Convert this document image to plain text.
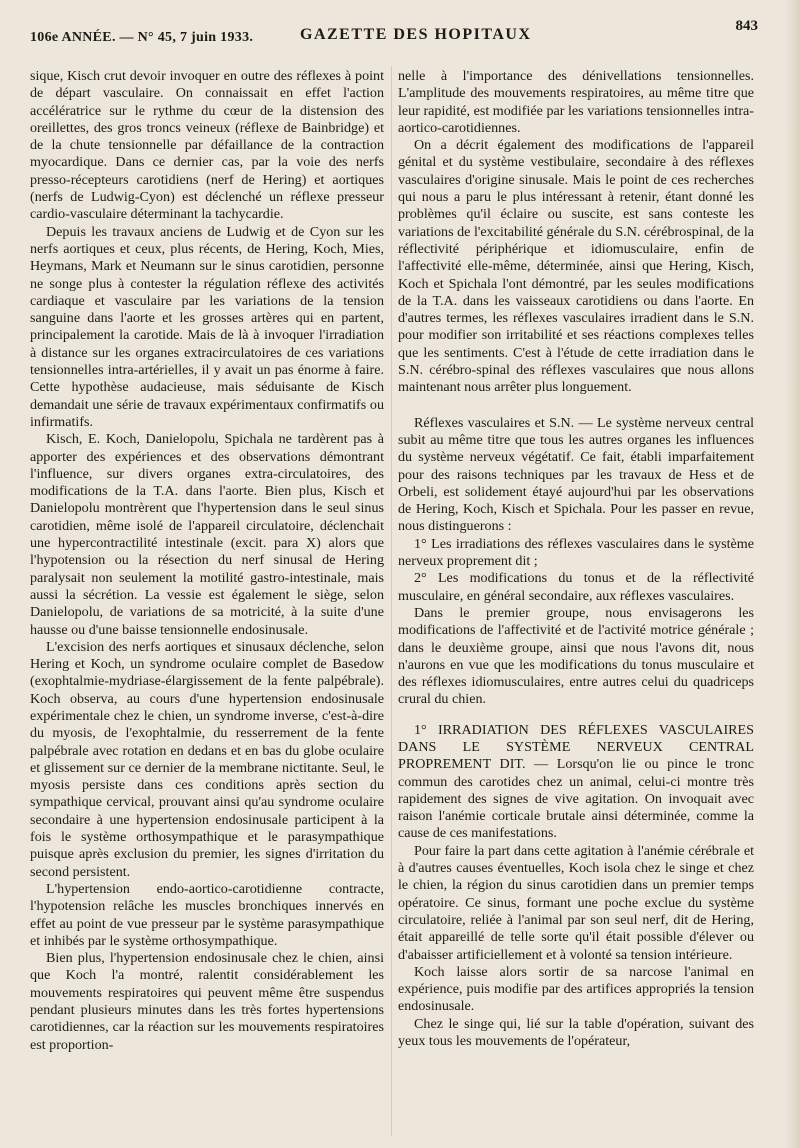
106e ANNÉE. — N° 45, 7 juin 1933.	GAZETTE DES HOPITAUX	843

sique, Kisch crut devoir invoquer en outre des réflexes à point de départ vasculaire. On connaissait en effet l'action accélératrice sur le rythme du cœur de la distension des oreillettes, des gros troncs veineux (réflexe de Bainbridge) et de la chute tensionnelle par défaillance de la contraction myocardique. Dans ce dernier cas, par la voie des nerfs presso-récepteurs carotidiens (nerf de Hering) et aortiques (nerfs de Ludwig-Cyon) est déclenché un réflexe presseur cardio-vasculaire déterminant la tachycardie.

Depuis les travaux anciens de Ludwig et de Cyon sur les nerfs aortiques et ceux, plus récents, de Hering, Koch, Mies, Heymans, Mark et Neumann sur le sinus carotidien, personne ne songe plus à contester la régulation réflexe des activités cardiaque et vasculaire par les variations de la tension sanguine dans l'aorte et les grosses artères qui en partent, principalement la carotide. Mais de là à invoquer l'irradiation à distance sur les organes extracirculatoires de ces variations tensionnelles intra-artérielles, il y avait un pas énorme à faire. Cette hypothèse audacieuse, mais séduisante de Kisch demandait une série de travaux expérimentaux confirmatifs ou infirmatifs.

Kisch, E. Koch, Danielopolu, Spichala ne tardèrent pas à apporter des expériences et des observations démontrant l'influence, sur divers organes extra-circulatoires, des modifications de la T.A. dans l'aorte. Bien plus, Kisch et Danielopolu montrèrent que l'hypertension dans le seul sinus carotidien, même isolé de l'appareil circulatoire, déclenchait une hypercontractilité intestinale (excit. para X) alors que l'hypotension ou la résection du nerf sinusal de Hering paralysait non seulement la motilité gastro-intestinale, mais aussi la sécrétion. La vessie est également le siège, selon Danielopolu, de variations de sa motricité, à la suite d'une hausse ou d'une baisse tensionnelle endosinusale.

L'excision des nerfs aortiques et sinusaux déclenche, selon Hering et Koch, un syndrome oculaire complet de Basedow (exophtalmie-mydriase-élargissement de la fente palpébrale). Koch observa, au cours d'une hypertension endosinusale expérimentale chez le chien, un syndrome inverse, c'est-à-dire du myosis, de l'exophtalmie, du resserrement de la fente palpébrale avec rotation en dedans et en bas du globe oculaire et glissement sur ce dernier de la membrane nictitante. Seul, le myosis persiste dans ces conditions après section du sympathique cervical, prouvant ainsi qu'au syndrome oculaire secondaire à une hypertension endosinusale participent à la fois le système orthosympathique et le parasympathique puisque après exclusion du premier, les signes d'irritation du second persistent.

L'hypertension endo-aortico-carotidienne contracte, l'hypotension relâche les muscles bronchiques innervés en effet au point de vue presseur par le système parasympathique et inhibés par le système orthosympathique.

Bien plus, l'hypertension endosinusale chez le chien, ainsi que Koch l'a montré, ralentit considérablement les mouvements respiratoires qui peuvent même être suspendus pendant plusieurs minutes dans les très fortes hypertensions carotidiennes, car la réaction sur les mouvements respiratoires est proportion-

nelle à l'importance des dénivellations tensionnelles. L'amplitude des mouvements respiratoires, au même titre que leur rapidité, est modifiée par les variations tensionnelles intra-aortico-carotidiennes.

On a décrit également des modifications de l'appareil génital et du système vestibulaire, secondaire à des réflexes vasculaires d'origine sinusale. Mais le point de ces recherches qui nous a paru le plus intéressant à retenir, étant donné les problèmes qu'il éclaire ou suscite, est sans conteste les variations de l'excitabilité générale du S.N. cérébrospinal, de la réflectivité périphérique et idiomusculaire, enfin de l'affectivité elle-même, déterminée, ainsi que Hering, Kisch, Koch et Spichala l'ont démontré, par les seules modifications de la T.A. dans les vaisseaux carotidiens ou dans l'aorte. En d'autres termes, les réflexes vasculaires irradient dans le S.N. pour modifier son irritabilité et ses réactions complexes telles que les sentiments. C'est à l'étude de cette irradiation dans le S.N. cérébro-spinal des réflexes vasculaires que nous allons maintenant nous arrêter plus longuement.

Réflexes vasculaires et S.N. — Le système nerveux central subit au même titre que tous les autres organes les influences du système nerveux végétatif. Ce fait, établi imparfaitement pour des raisons techniques par les travaux de Hess et de Orbeli, est solidement étayé aujourd'hui par les observations de Hering, Koch, Kisch et Spichala. Pour les passer en revue, nous distinguerons :

1° Les irradiations des réflexes vasculaires dans le système nerveux proprement dit ;

2° Les modifications du tonus et de la réflectivité musculaire, en général secondaire, aux réflexes vasculaires.

Dans le premier groupe, nous envisagerons les modifications de l'affectivité et de l'activité motrice générale ; dans le deuxième groupe, ainsi que nous l'avons dit, nous n'aurons en vue que les modifications du tonus musculaire et des réflexes idiomusculaires, entre autres celui du quadriceps crural du chien.

1° IRRADIATION DES RÉFLEXES VASCULAIRES DANS LE SYSTÈME NERVEUX CENTRAL PROPREMENT DIT. — Lorsqu'on lie ou pince le tronc commun des carotides chez un animal, celui-ci montre très rapidement des signes de vive agitation. On invoquait avec raison l'anémie corticale brutale ainsi déterminée, comme la cause de ces manifestations.

Pour faire la part dans cette agitation à l'anémie cérébrale et à d'autres causes éventuelles, Koch isola chez le singe et chez le chien, la région du sinus carotidien dans un premier temps opératoire. Ce sinus, formant une poche exclue du système circulatoire, reliée à l'animal par son seul nerf, dit de Hering, était appareillé de telle sorte qu'il était possible d'élever ou d'abaisser artificiellement et à volonté sa tension intérieure.

Koch laisse alors sortir de sa narcose l'animal en expérience, puis modifie par des artifices appropriés la tension endosinusale.

Chez le singe qui, lié sur la table d'opération, suivant des yeux tous les mouvements de l'opérateur,
